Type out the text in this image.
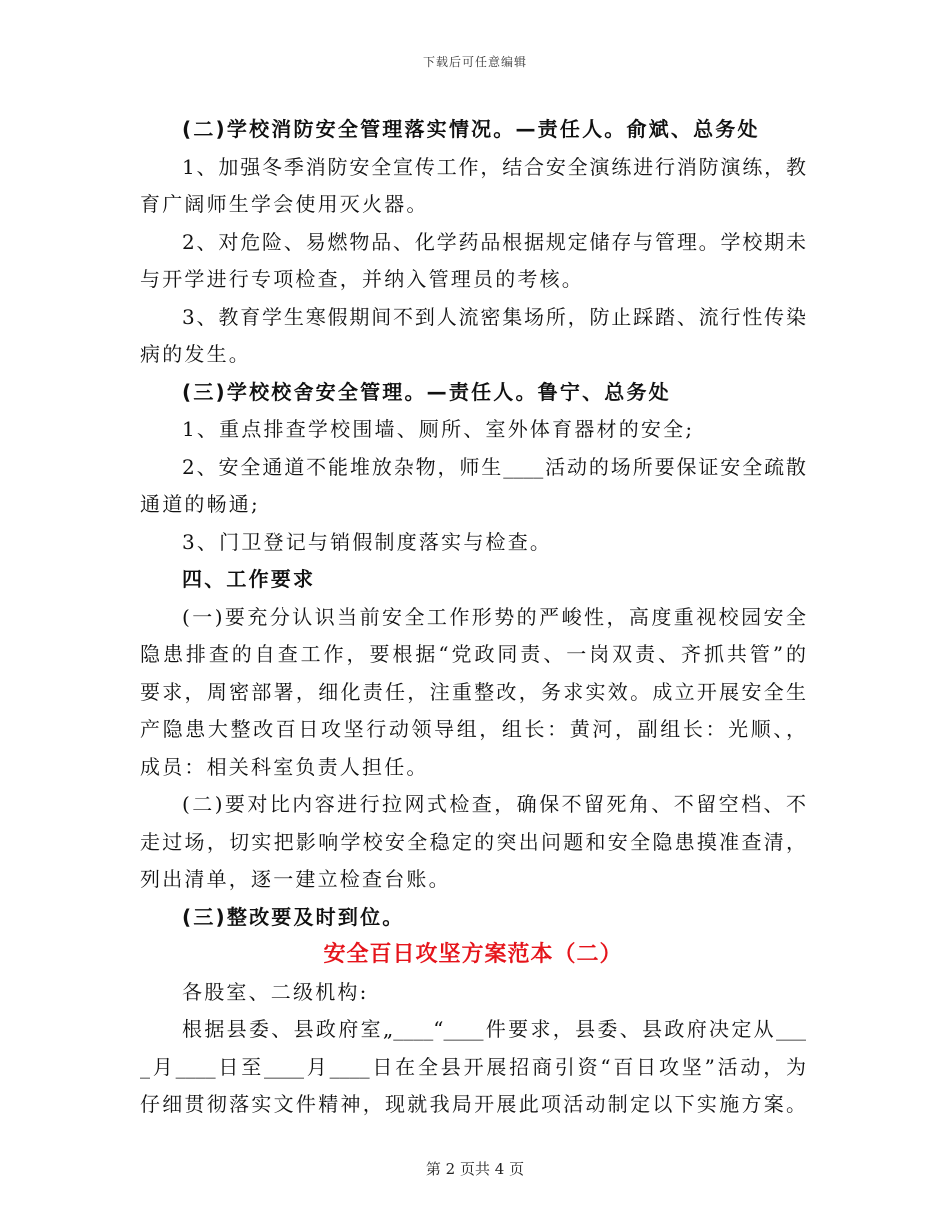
下载后可任意编辑
(二)学校消防安全管理落实情况。—责任人。俞斌、总务处
1、加强冬季消防安全宣传工作，结合安全演练进行消防演练，教
育广阔师生学会使用灭火器。
2、对危险、易燃物品、化学药品根据规定储存与管理。学校期未
与开学进行专项检查，并纳入管理员的考核。
3、教育学生寒假期间不到人流密集场所，防止踩踏、流行性传染
病的发生。
(三)学校校舍安全管理。—责任人。鲁宁、总务处
1、重点排查学校围墙、厕所、室外体育器材的安全;
2、安全通道不能堆放杂物，师生____活动的场所要保证安全疏散
通道的畅通;
3、门卫登记与销假制度落实与检查。
四、工作要求
(一)要充分认识当前安全工作形势的严峻性，高度重视校园安全
隐患排查的自查工作，要根据“党政同责、一岗双责、齐抓共管”的
要求，周密部署，细化责任，注重整改，务求实效。成立开展安全生
产隐患大整改百日攻坚行动领导组，组长：黄河，副组长：光顺、，
成员：相关科室负责人担任。
(二)要对比内容进行拉网式检查，确保不留死角、不留空档、不
走过场，切实把影响学校安全稳定的突出问题和安全隐患摸准查清，
列出清单，逐一建立检查台账。
(三)整改要及时到位。
安全百日攻坚方案范本（二）
各股室、二级机构:
根据县委、县政府室„____“____件要求，县委、县政府决定从___
_月____日至____月____日在全县开展招商引资“百日攻坚”活动，为
仔细贯彻落实文件精神，现就我局开展此项活动制定以下实施方案。
第 2 页共 4 页
